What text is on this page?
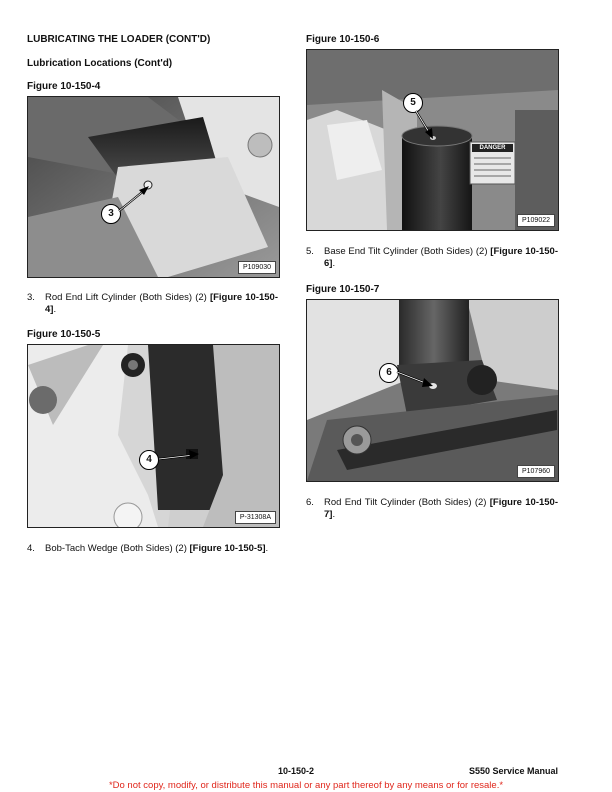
LUBRICATING THE LOADER (CONT'D)
Lubrication Locations (Cont'd)
Figure 10-150-4
3
P109030
3. Rod End Lift Cylinder (Both Sides) (2) [Figure 10-150-4].
Figure 10-150-5
4
P-31308A
4. Bob-Tach Wedge (Both Sides) (2) [Figure 10-150-5].
Figure 10-150-6
DANGER
5
P109022
5. Base End Tilt Cylinder (Both Sides) (2) [Figure 10-150-6].
Figure 10-150-7
6
P107960
6. Rod End Tilt Cylinder (Both Sides) (2) [Figure 10-150-7].
10-150-2	S550 Service Manual
*Do not copy, modify, or distribute this manual or any part thereof by any means or for resale.*
